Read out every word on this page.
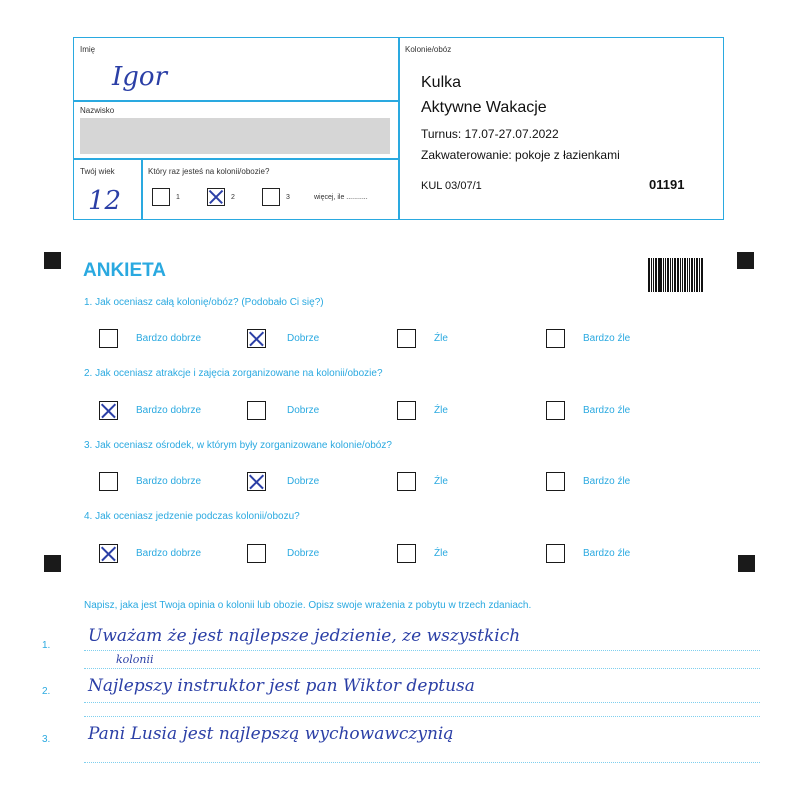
Imię
Igor
Nazwisko
Twój wiek
12
Który raz jesteś na kolonii/obozie?
1	2	3	więcej, ile ...........
Kolonie/obóz
Kulka
Aktywne Wakacje
Turnus: 17.07-27.07.2022
Zakwaterowanie: pokoje z łazienkami
KUL 03/07/1	01191
ANKIETA
1. Jak oceniasz całą kolonię/obóz? (Podobało Ci się?)
Bardzo dobrze	Dobrze	Źle	Bardzo źle
2. Jak oceniasz atrakcje i zajęcia zorganizowane na kolonii/obozie?
Bardzo dobrze	Dobrze	Źle	Bardzo źle
3. Jak oceniasz ośrodek, w którym były zorganizowane kolonie/obóz?
Bardzo dobrze	Dobrze	Źle	Bardzo źle
4. Jak oceniasz jedzenie podczas kolonii/obozu?
Bardzo dobrze	Dobrze	Źle	Bardzo źle
Napisz, jaka jest Twoja opinia o kolonii lub obozie. Opisz swoje wrażenia z pobytu w trzech zdaniach.
1. Uważam że jest najlepsze jedzienie, ze wszystkich
kolonii
2. Najlepszy instruktor jest pan Wiktor deptusa
3. Pani Lusia jest najlepszą wychowawczynią
